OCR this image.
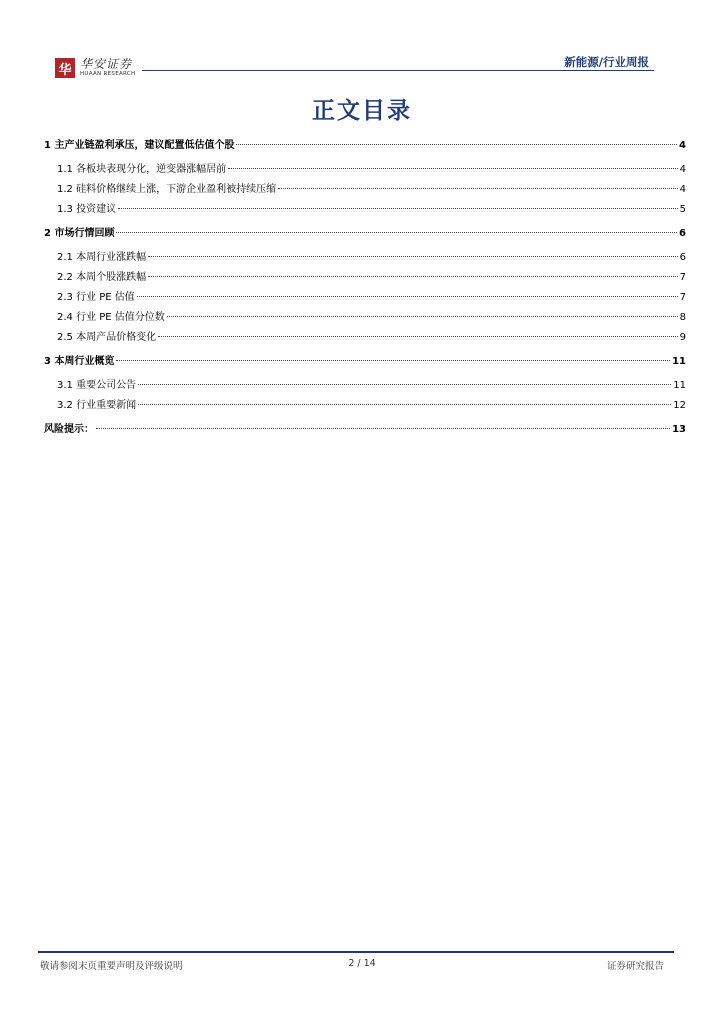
华 华安证券
HUAAN RESEARCH
新能源/行业周报
正文目录
1 主产业链盈利承压，建议配置低估值个股	4
1.1 各板块表现分化，逆变器涨幅居前	4
1.2 硅料价格继续上涨，下游企业盈利被持续压缩	4
1.3 投资建议	5
2 市场行情回顾	6
2.1 本周行业涨跌幅	6
2.2 本周个股涨跌幅	7
2.3 行业 PE 估值	7
2.4 行业 PE 估值分位数	8
2.5 本周产品价格变化	9
3 本周行业概览	11
3.1 重要公司公告	11
3.2 行业重要新闻	12
风险提示：	13
敬请参阅末页重要声明及评级说明	2 / 14	证券研究报告
